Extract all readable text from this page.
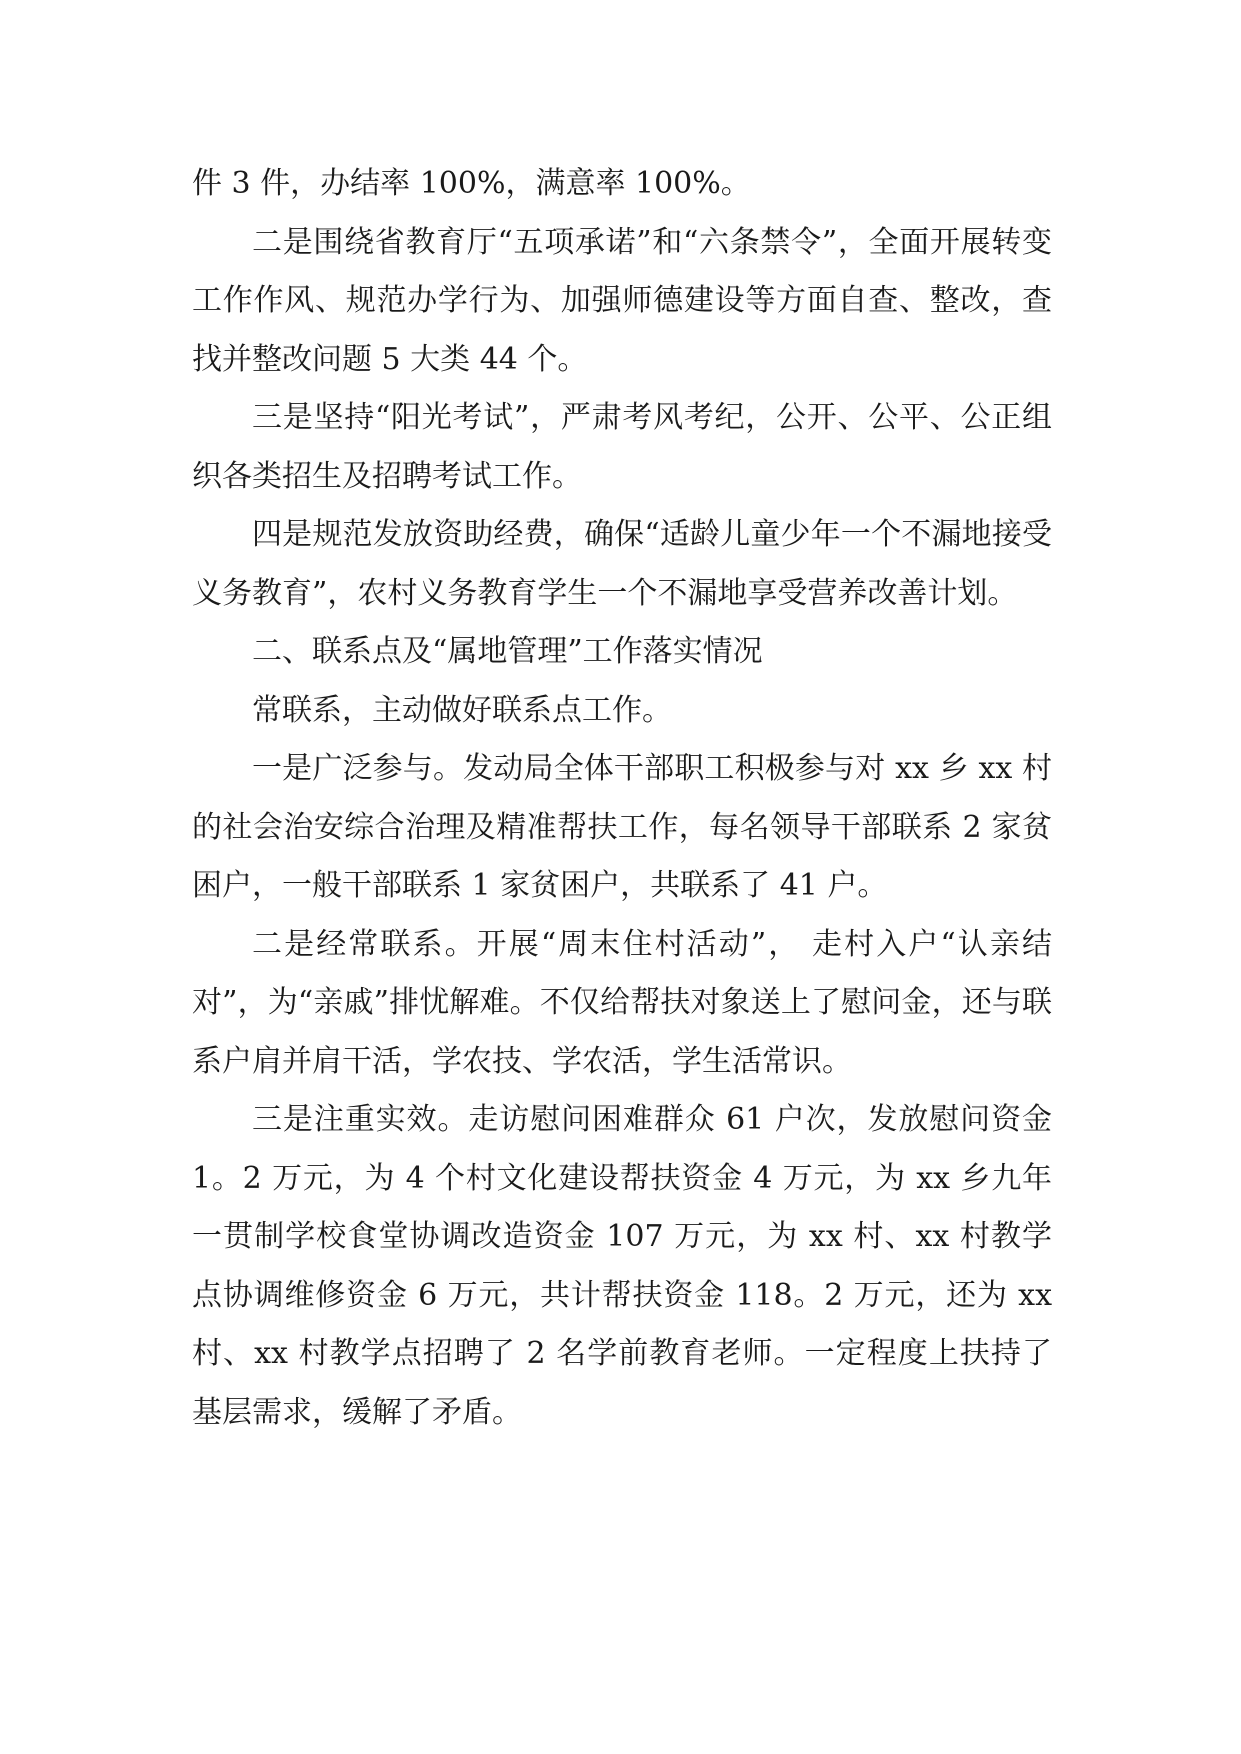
件 3 件，办结率 100%，满意率 100%。

二是围绕省教育厅“五项承诺”和“六条禁令”，全面开展转变工作作风、规范办学行为、加强师德建设等方面自查、整改，查找并整改问题 5 大类 44 个。

三是坚持“阳光考试”，严肃考风考纪，公开、公平、公正组织各类招生及招聘考试工作。

四是规范发放资助经费，确保“适龄儿童少年一个不漏地接受义务教育”，农村义务教育学生一个不漏地享受营养改善计划。

二、联系点及“属地管理”工作落实情况

常联系，主动做好联系点工作。

一是广泛参与。发动局全体干部职工积极参与对 xx 乡 xx 村的社会治安综合治理及精准帮扶工作，每名领导干部联系 2 家贫困户，一般干部联系 1 家贫困户，共联系了 41 户。

二是经常联系。开展“周末住村活动”， 走村入户“认亲结对”，为“亲戚”排忧解难。不仅给帮扶对象送上了慰问金，还与联系户肩并肩干活，学农技、学农活，学生活常识。

三是注重实效。走访慰问困难群众 61 户次，发放慰问资金 1。2 万元，为 4 个村文化建设帮扶资金 4 万元，为 xx 乡九年一贯制学校食堂协调改造资金 107 万元，为 xx 村、xx 村教学点协调维修资金 6 万元，共计帮扶资金 118。2 万元，还为 xx 村、xx 村教学点招聘了 2 名学前教育老师。一定程度上扶持了基层需求，缓解了矛盾。
